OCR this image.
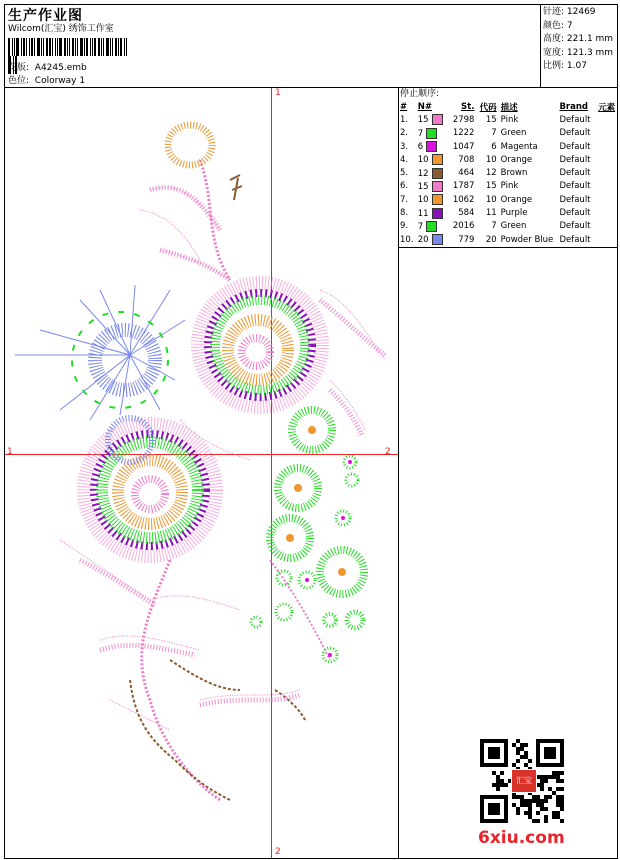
生产作业图
Wilcom(汇宝) 绣饰工作室
花版: A4245.emb
色位: Colorway 1
针迹: 12469
颜色: 7
高度: 221.1 mm
宽度: 121.3 mm
比例: 1.07
停止顺序:
#	N#	St.	代码	描述	Brand	元素
1.	15	2798	15	Pink	Default	
2.	7	1222	7	Green	Default	
3.	6	1047	6	Magenta	Default	
4.	10	708	10	Orange	Default	
5.	12	464	12	Brown	Default	
6.	15	1787	15	Pink	Default	
7.	10	1062	10	Orange	Default	
8.	11	584	11	Purple	Default	
9.	7	2016	7	Green	Default	
10.	20	779	20	Powder Blue	Default	
1
2
1	2
汇宝
6xiu.com
